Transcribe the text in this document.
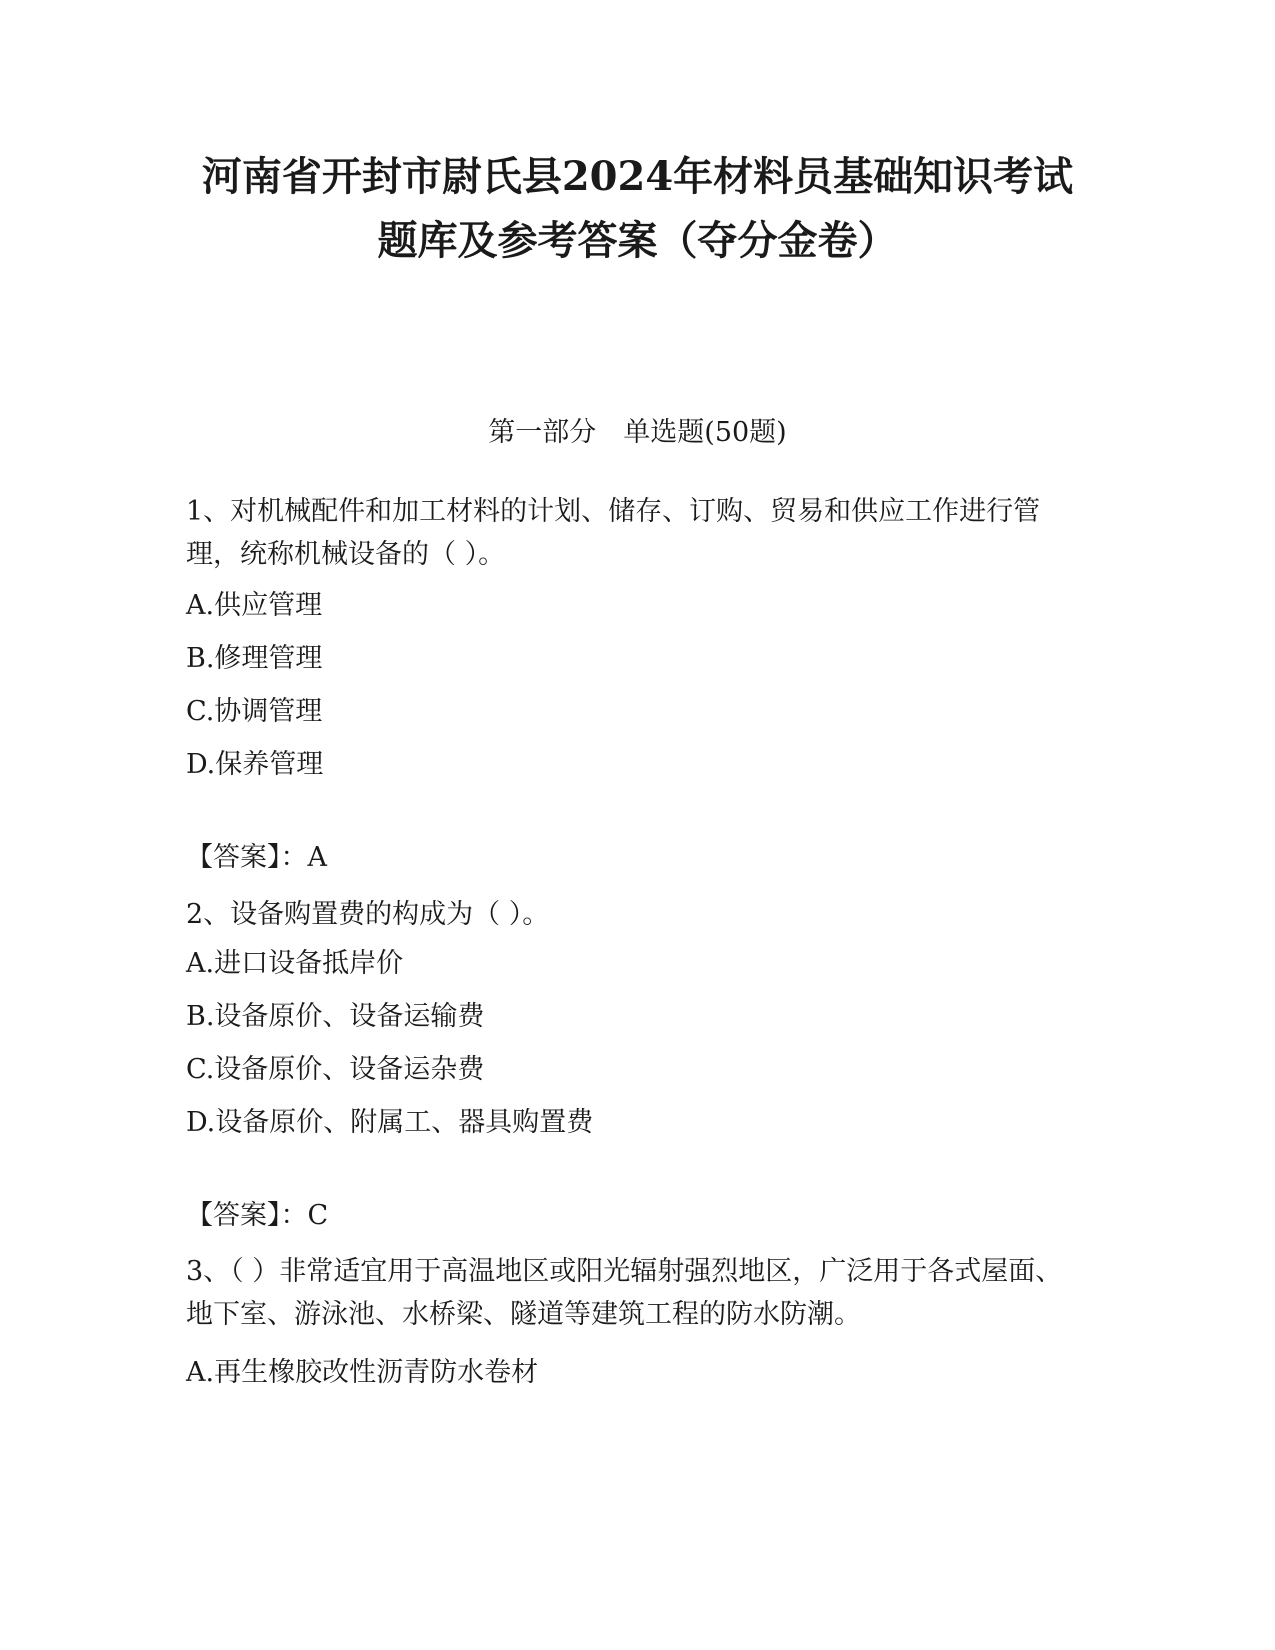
河南省开封市尉氏县2024年材料员基础知识考试
题库及参考答案（夺分金卷）

第一部分　单选题(50题)

1、对机械配件和加工材料的计划、储存、订购、贸易和供应工作进行管理，统称机械设备的（ ）。

A.供应管理

B.修理管理

C.协调管理

D.保养管理

【答案】：A

2、设备购置费的构成为（ ）。

A.进口设备抵岸价

B.设备原价、设备运输费

C.设备原价、设备运杂费

D.设备原价、附属工、器具购置费

【答案】：C

3、（ ）非常适宜用于高温地区或阳光辐射强烈地区，广泛用于各式屋面、地下室、游泳池、水桥梁、隧道等建筑工程的防水防潮。

A.再生橡胶改性沥青防水卷材
